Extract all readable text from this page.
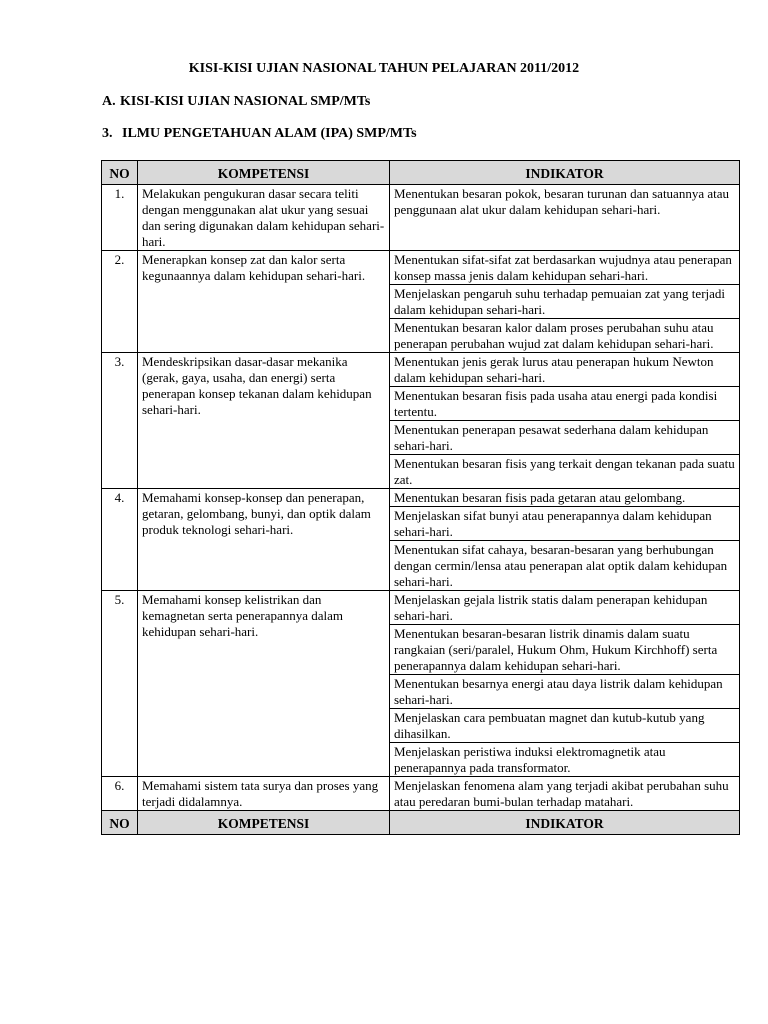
KISI-KISI UJIAN NASIONAL TAHUN PELAJARAN 2011/2012
A. KISI-KISI UJIAN NASIONAL SMP/MTs
3. ILMU PENGETAHUAN ALAM (IPA) SMP/MTs
NO	KOMPETENSI	INDIKATOR
1.	Melakukan pengukuran dasar secara teliti dengan menggunakan alat ukur yang sesuai dan sering digunakan dalam kehidupan sehari-hari.	Menentukan besaran pokok, besaran turunan dan satuannya atau penggunaan alat ukur dalam kehidupan sehari-hari.
2.	Menerapkan konsep zat dan kalor serta kegunaannya dalam kehidupan sehari-hari.	Menentukan sifat-sifat zat berdasarkan wujudnya atau penerapan konsep massa jenis dalam kehidupan sehari-hari.
		Menjelaskan pengaruh suhu terhadap pemuaian zat yang terjadi dalam kehidupan sehari-hari.
		Menentukan besaran kalor dalam proses perubahan suhu atau penerapan perubahan wujud zat dalam kehidupan sehari-hari.
3.	Mendeskripsikan dasar-dasar mekanika (gerak, gaya, usaha, dan energi) serta penerapan konsep tekanan dalam kehidupan sehari-hari.	Menentukan jenis gerak lurus atau penerapan hukum Newton dalam kehidupan sehari-hari.
		Menentukan besaran fisis pada usaha atau energi pada kondisi tertentu.
		Menentukan penerapan pesawat sederhana dalam kehidupan sehari-hari.
		Menentukan besaran fisis yang terkait dengan tekanan pada suatu zat.
4.	Memahami konsep-konsep dan penerapan, getaran, gelombang, bunyi, dan optik dalam produk teknologi sehari-hari.	Menentukan besaran fisis pada getaran atau gelombang.
		Menjelaskan sifat bunyi atau penerapannya dalam kehidupan sehari-hari.
		Menentukan sifat cahaya, besaran-besaran yang berhubungan dengan cermin/lensa atau penerapan alat optik dalam kehidupan sehari-hari.
5.	Memahami konsep kelistrikan dan kemagnetan serta penerapannya dalam kehidupan sehari-hari.	Menjelaskan gejala listrik statis dalam penerapan kehidupan sehari-hari.
		Menentukan besaran-besaran listrik dinamis dalam suatu rangkaian (seri/paralel, Hukum Ohm, Hukum Kirchhoff) serta penerapannya dalam kehidupan sehari-hari.
		Menentukan besarnya energi atau daya listrik dalam kehidupan sehari-hari.
		Menjelaskan cara pembuatan magnet dan kutub-kutub yang dihasilkan.
		Menjelaskan peristiwa induksi elektromagnetik atau penerapannya pada transformator.
6.	Memahami sistem tata surya dan proses yang terjadi didalamnya.	Menjelaskan fenomena alam yang terjadi akibat perubahan suhu atau peredaran bumi-bulan terhadap matahari.
NO	KOMPETENSI	INDIKATOR
